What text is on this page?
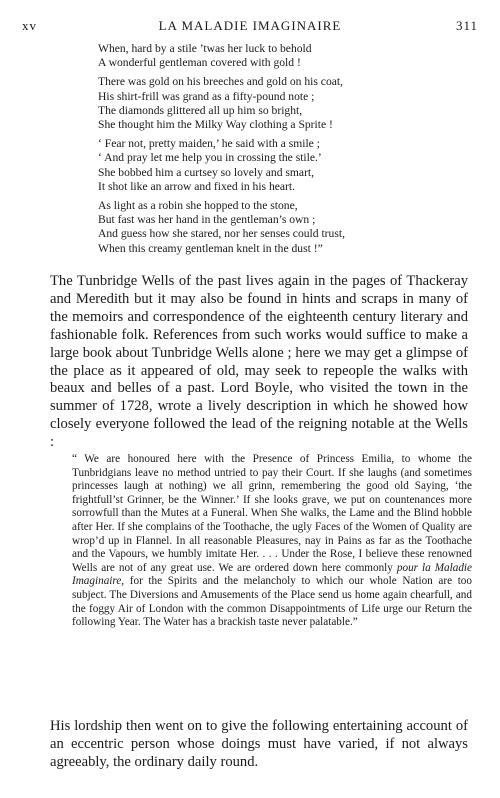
xv	LA MALADIE IMAGINAIRE	311
When, hard by a stile ’twas her luck to behold
A wonderful gentleman covered with gold !
There was gold on his breeches and gold on his coat,
His shirt-frill was grand as a fifty-pound note ;
The diamonds glittered all up him so bright,
She thought him the Milky Way clothing a Sprite !
‘ Fear not, pretty maiden,’ he said with a smile ;
‘ And pray let me help you in crossing the stile.’
She bobbed him a curtsey so lovely and smart,
It shot like an arrow and fixed in his heart.
As light as a robin she hopped to the stone,
But fast was her hand in the gentleman’s own ;
And guess how she stared, nor her senses could trust,
When this creamy gentleman knelt in the dust !”

The Tunbridge Wells of the past lives again in the pages of Thackeray and Meredith but it may also be found in hints and scraps in many of the memoirs and correspondence of the eighteenth century literary and fashionable folk. References from such works would suffice to make a large book about Tunbridge Wells alone ; here we may get a glimpse of the place as it appeared of old, may seek to repeople the walks with beaux and belles of a past. Lord Boyle, who visited the town in the summer of 1728, wrote a lively description in which he showed how closely everyone followed the lead of the reigning notable at the Wells :

“ We are honoured here with the Presence of Princess Emilia, to whome the Tunbridgians leave no method untried to pay their Court. If she laughs (and sometimes princesses laugh at nothing) we all grinn, remembering the good old Saying, ‘the frightfull’st Grinner, be the Winner.’ If she looks grave, we put on countenances more sorrowfull than the Mutes at a Funeral. When She walks, the Lame and the Blind hobble after Her. If she complains of the Toothache, the ugly Faces of the Women of Quality are wrop’d up in Flannel. In all reasonable Pleasures, nay in Pains as far as the Toothache and the Vapours, we humbly imitate Her. . . . Under the Rose, I believe these renowned Wells are not of any great use. We are ordered down here commonly pour la Maladie Imaginaire, for the Spirits and the melancholy to which our whole Nation are too subject. The Diversions and Amusements of the Place send us home again chearfull, and the foggy Air of London with the common Disappointments of Life urge our Return the following Year. The Water has a brackish taste never palatable.”

His lordship then went on to give the following entertaining account of an eccentric person whose doings must have varied, if not always agreeably, the ordinary daily round.
